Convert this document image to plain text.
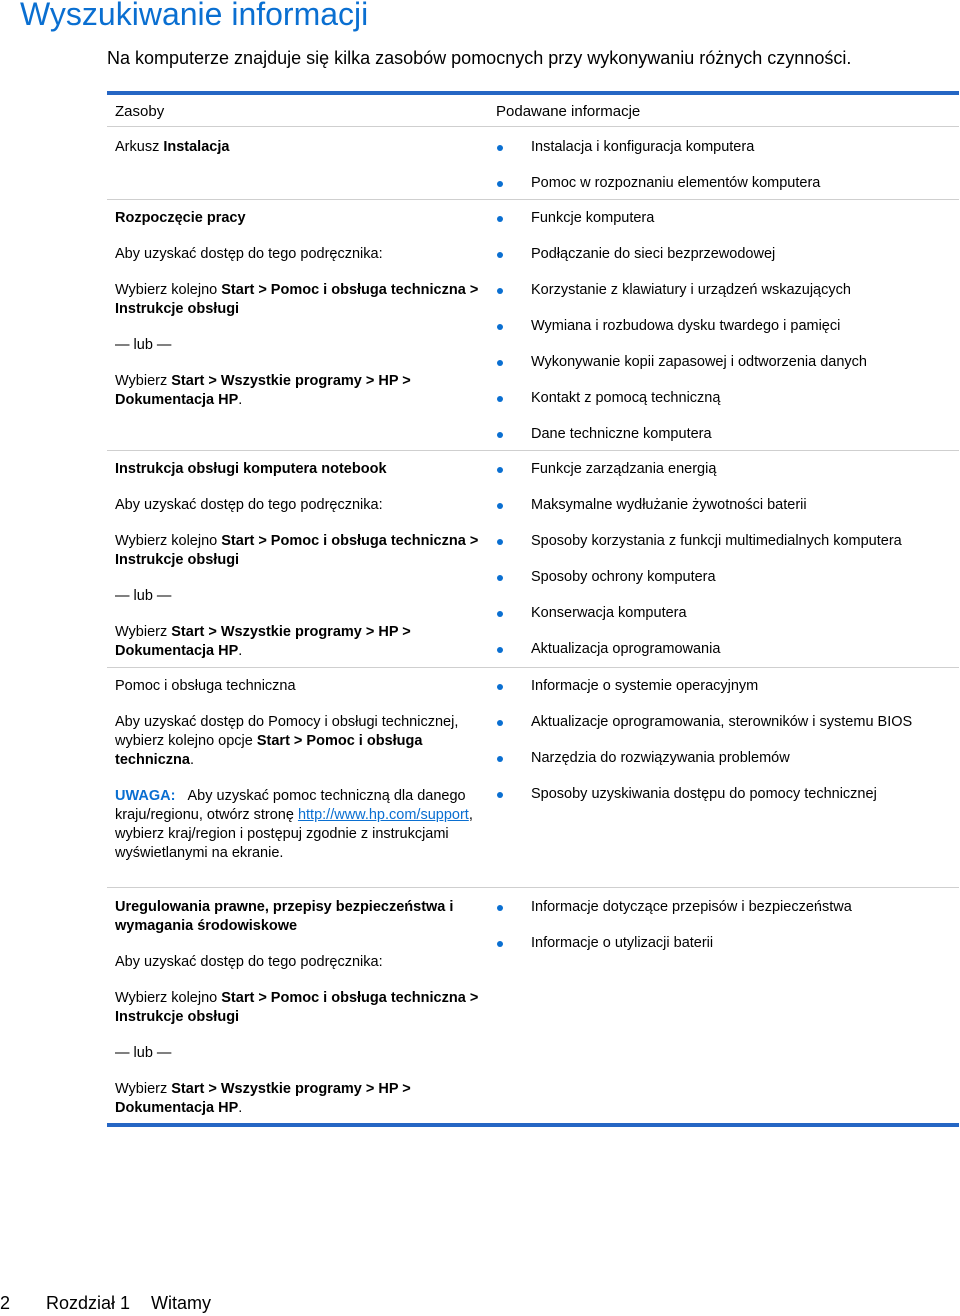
Wyszukiwanie informacji

Na komputerze znajduje się kilka zasobów pomocnych przy wykonywaniu różnych czynności.

Zasoby	Podawane informacje

Arkusz Instalacja

Rozpoczęcie pracy

Aby uzyskać dostęp do tego podręcznika:

Wybierz kolejno Start > Pomoc i obsługa techniczna > Instrukcje obsługi

— lub —

Wybierz Start > Wszystkie programy > HP > Dokumentacja HP.

Instrukcja obsługi komputera notebook

Aby uzyskać dostęp do tego podręcznika:

Wybierz kolejno Start > Pomoc i obsługa techniczna > Instrukcje obsługi

— lub —

Wybierz Start > Wszystkie programy > HP > Dokumentacja HP.

Pomoc i obsługa techniczna

Aby uzyskać dostęp do Pomocy i obsługi technicznej, wybierz kolejno opcje Start > Pomoc i obsługa techniczna.

UWAGA: Aby uzyskać pomoc techniczną dla danego kraju/regionu, otwórz stronę http://www.hp.com/support, wybierz kraj/region i postępuj zgodnie z instrukcjami wyświetlanymi na ekranie.

Uregulowania prawne, przepisy bezpieczeństwa i wymagania środowiskowe

Aby uzyskać dostęp do tego podręcznika:

Wybierz kolejno Start > Pomoc i obsługa techniczna > Instrukcje obsługi

— lub —

Wybierz Start > Wszystkie programy > HP > Dokumentacja HP.

Instalacja i konfiguracja komputera
Pomoc w rozpoznaniu elementów komputera
Funkcje komputera
Podłączanie do sieci bezprzewodowej
Korzystanie z klawiatury i urządzeń wskazujących
Wymiana i rozbudowa dysku twardego i pamięci
Wykonywanie kopii zapasowej i odtworzenia danych
Kontakt z pomocą techniczną
Dane techniczne komputera
Funkcje zarządzania energią
Maksymalne wydłużanie żywotności baterii
Sposoby korzystania z funkcji multimedialnych komputera
Sposoby ochrony komputera
Konserwacja komputera
Aktualizacja oprogramowania
Informacje o systemie operacyjnym
Aktualizacje oprogramowania, sterowników i systemu BIOS
Narzędzia do rozwiązywania problemów
Sposoby uzyskiwania dostępu do pomocy technicznej
Informacje dotyczące przepisów i bezpieczeństwa
Informacje o utylizacji baterii
2 Rozdział 1 Witamy
